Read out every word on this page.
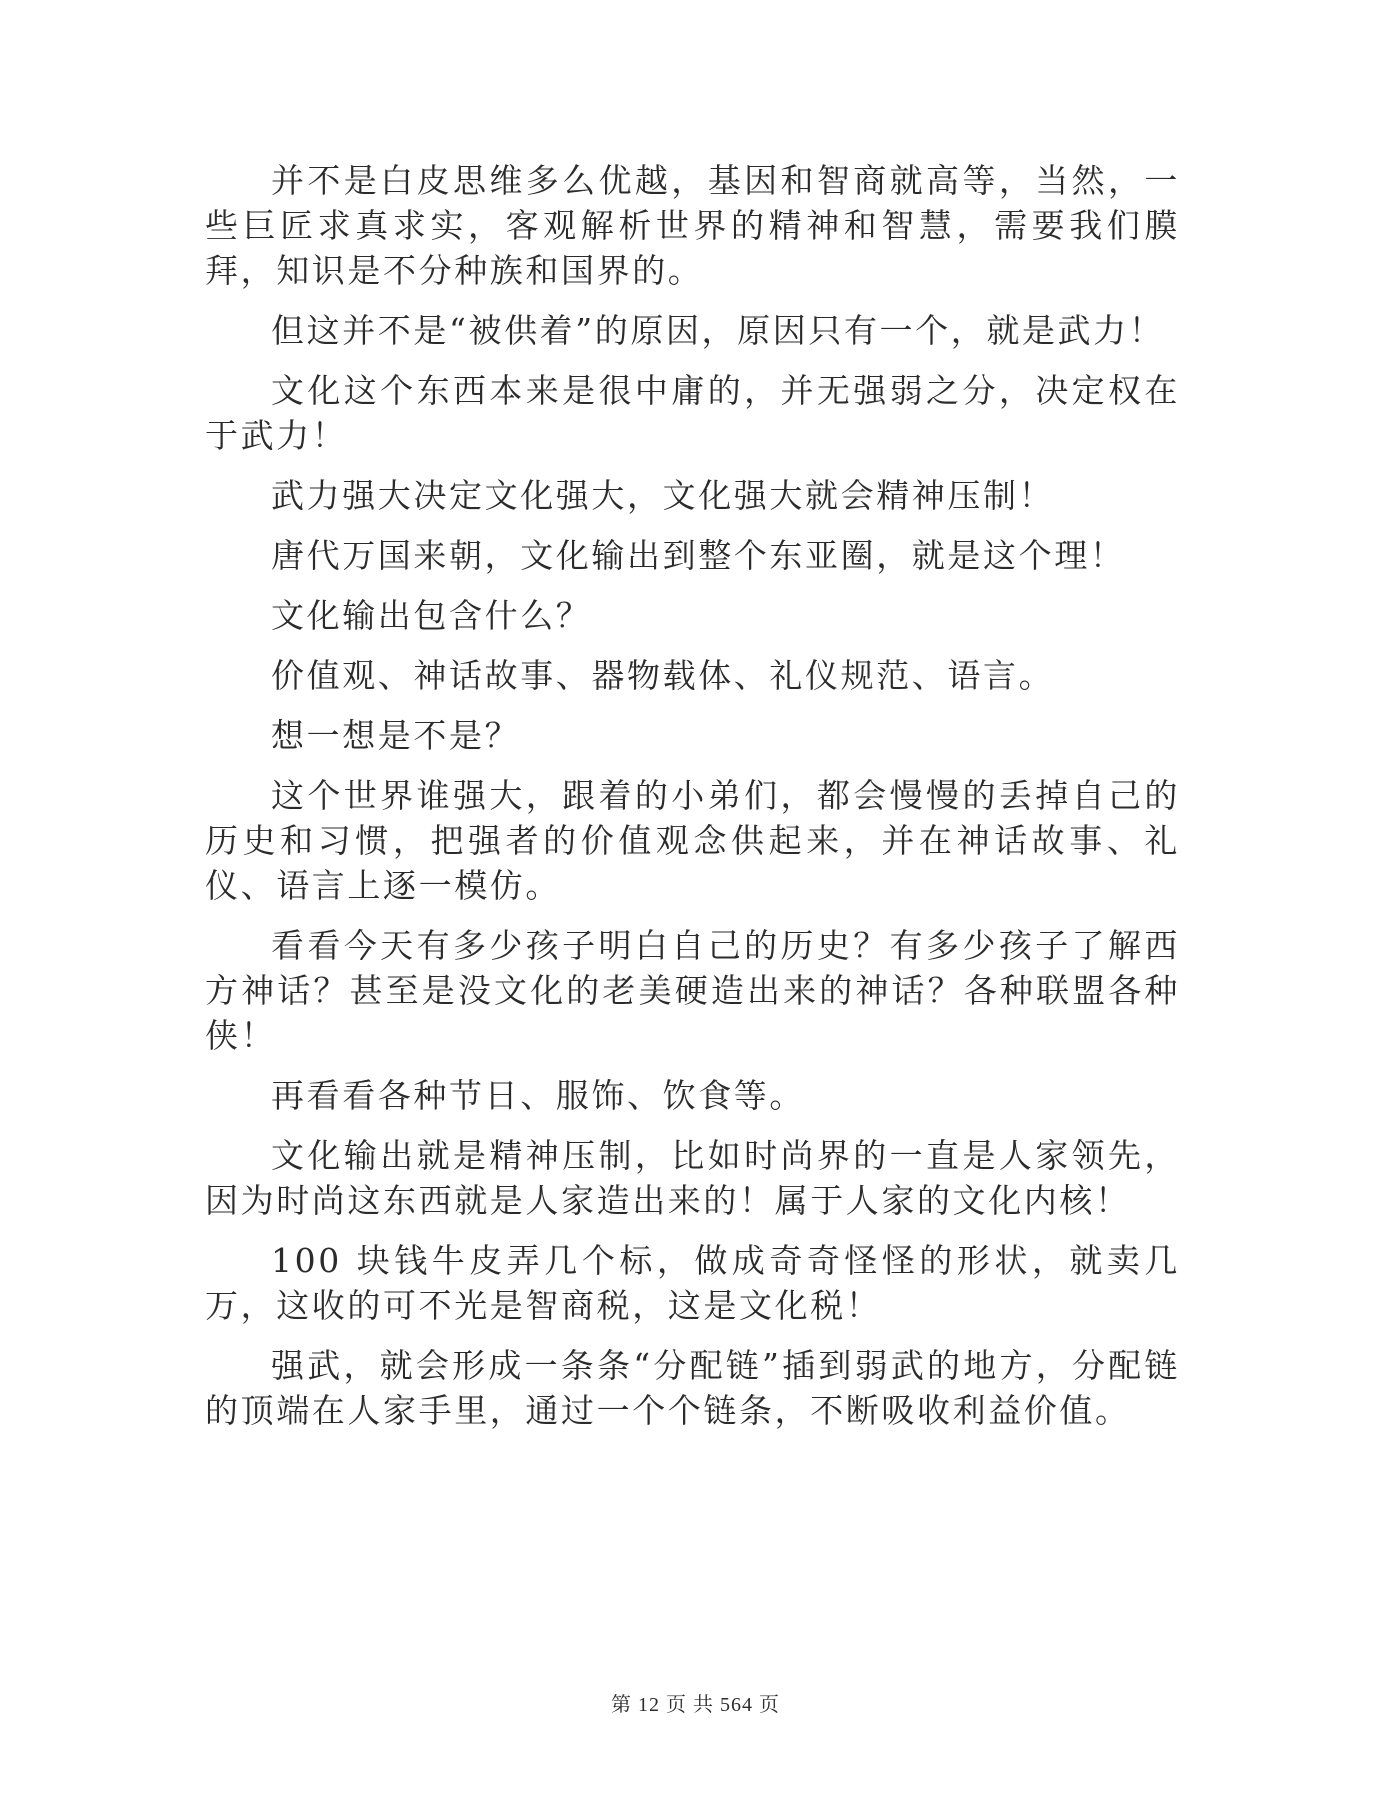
并不是白皮思维多么优越，基因和智商就高等，当然，一些巨匠求真求实，客观解析世界的精神和智慧，需要我们膜拜，知识是不分种族和国界的。

但这并不是“被供着”的原因，原因只有一个，就是武力！

文化这个东西本来是很中庸的，并无强弱之分，决定权在于武力！

武力强大决定文化强大，文化强大就会精神压制！

唐代万国来朝，文化输出到整个东亚圈，就是这个理！

文化输出包含什么？

价值观、神话故事、器物载体、礼仪规范、语言。

想一想是不是？

这个世界谁强大，跟着的小弟们，都会慢慢的丢掉自己的历史和习惯，把强者的价值观念供起来，并在神话故事、礼仪、语言上逐一模仿。

看看今天有多少孩子明白自己的历史？有多少孩子了解西方神话？甚至是没文化的老美硬造出来的神话？各种联盟各种侠！

再看看各种节日、服饰、饮食等。

文化输出就是精神压制，比如时尚界的一直是人家领先，因为时尚这东西就是人家造出来的！属于人家的文化内核！

100 块钱牛皮弄几个标，做成奇奇怪怪的形状，就卖几万，这收的可不光是智商税，这是文化税！

强武，就会形成一条条“分配链”插到弱武的地方，分配链的顶端在人家手里，通过一个个链条，不断吸收利益价值。

第 12 页 共 564 页
